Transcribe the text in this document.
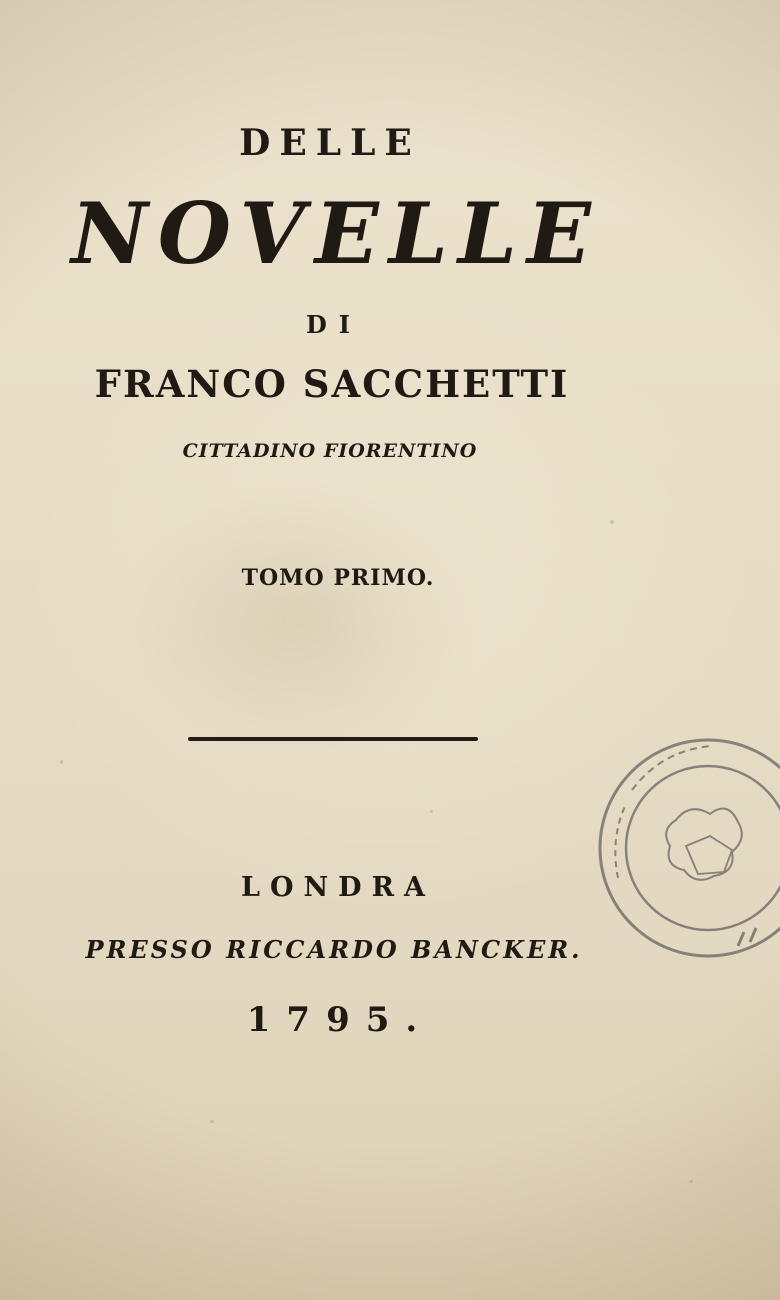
DELLE
NOVELLE
DI
FRANCO SACCHETTI
CITTADINO FIORENTINO
TOMO PRIMO.
LONDRA
PRESSO RICCARDO BANCKER.
1795.
